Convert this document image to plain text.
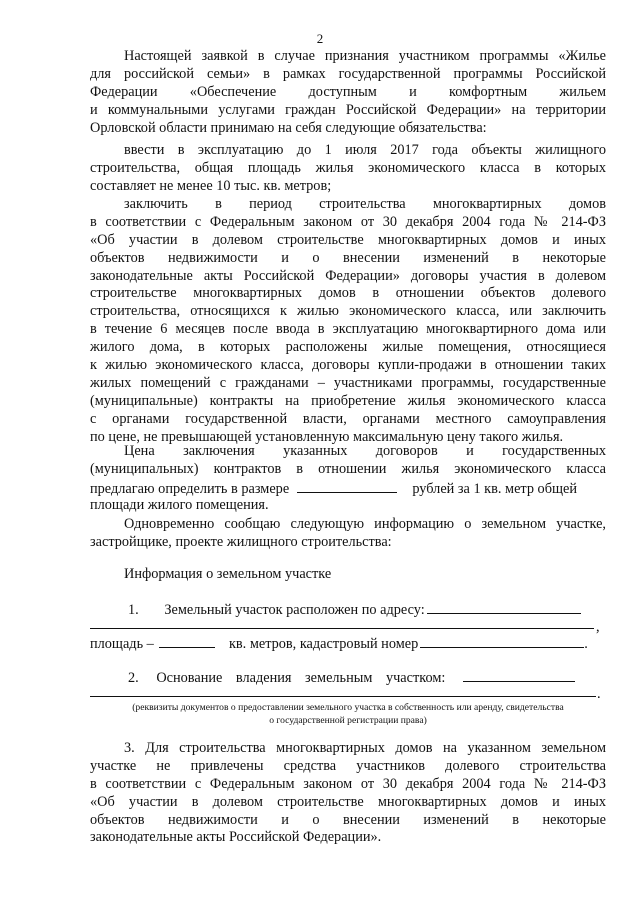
2
Настоящей заявкой в случае признания участником программы «Жилье
для российской семьи» в рамках государственной программы Российской
Федерации «Обеспечение доступным и комфортным жильем
и коммунальными услугами граждан Российской Федерации» на территории
Орловской области принимаю на себя следующие обязательства:
ввести в эксплуатацию до 1 июля 2017 года объекты жилищного
строительства, общая площадь жилья экономического класса в которых
составляет не менее 10 тыс. кв. метров;
заключить в период строительства многоквартирных домов
в соответствии с Федеральным законом от 30 декабря 2004 года № 214-ФЗ
«Об участии в долевом строительстве многоквартирных домов и иных
объектов недвижимости и о внесении изменений в некоторые
законодательные акты Российской Федерации» договоры участия в долевом
строительстве многоквартирных домов в отношении объектов долевого
строительства, относящихся к жилью экономического класса, или заключить
в течение 6 месяцев после ввода в эксплуатацию многоквартирного дома или
жилого дома, в которых расположены жилые помещения, относящиеся
к жилью экономического класса, договоры купли-продажи в отношении таких
жилых помещений с гражданами – участниками программы, государственные
(муниципальные) контракты на приобретение жилья экономического класса
с органами государственной власти, органами местного самоуправления
по цене, не превышающей установленную максимальную цену такого жилья.
Цена заключения указанных договоров и государственных
(муниципальных) контрактов в отношении жилья экономического класса
предлагаю определить в размере	рублей за 1 кв. метр общей
площади жилого помещения.
Одновременно сообщаю следующую информацию о земельном участке,
застройщике, проекте жилищного строительства:
Информация о земельном участке
1. Земельный участок расположен по адресу:
,
площадь –	кв. метров, кадастровый номер	.
2. Основание владения земельным участком:
.
(реквизиты документов о предоставлении земельного участка в собственность или аренду, свидетельства
о государственной регистрации права)
3. Для строительства многоквартирных домов на указанном земельном
участке не привлечены средства участников долевого строительства
в соответствии с Федеральным законом от 30 декабря 2004 года № 214-ФЗ
«Об участии в долевом строительстве многоквартирных домов и иных
объектов недвижимости и о внесении изменений в некоторые
законодательные акты Российской Федерации».
